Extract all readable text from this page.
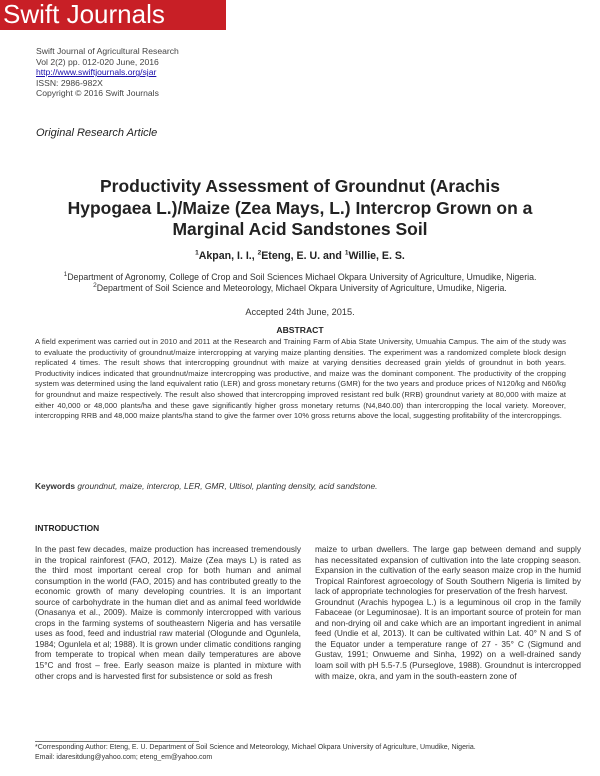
Swift Journals
Swift Journal of Agricultural Research
Vol 2(2) pp. 012-020 June, 2016
http://www.swiftjournals.org/sjar
ISSN: 2986-982X
Copyright © 2016 Swift Journals
Original Research Article
Productivity Assessment of Groundnut (Arachis
Hypogaea L.)/Maize (Zea Mays, L.) Intercrop Grown on a
Marginal Acid Sandstones Soil
$^1$Akpan, I. I., $^2$Eteng, E. U. and $^1$Willie, E. S.
$^1$Department of Agronomy, College of Crop and Soil Sciences Michael Okpara University of Agriculture, Umudike, Nigeria.
$^2$Department of Soil Science and Meteorology, Michael Okpara University of Agriculture, Umudike, Nigeria.
Accepted 24th June, 2015.
ABSTRACT
A field experiment was carried out in 2010 and 2011 at the Research and Training Farm of Abia State University, Umuahia Campus. The aim of the study was to evaluate the productivity of groundnut/maize intercropping at varying maize planting densities. The experiment was a randomized complete block design replicated 4 times. The result shows that intercropping groundnut with maize at varying densities decreased grain yields of groundnut in both years. Productivity indices indicated that groundnut/maize intercropping was productive, and maize was the dominant component. The productivity of the cropping system was determined using the land equivalent ratio (LER) and gross monetary returns (GMR) for the two years and produce prices of N120/kg and N60/kg for groundnut and maize respectively. The result also showed that intercropping improved resistant red bulk (RRB) groundnut variety at 80,000 with maize at either 40,000 or 48,000 plants/ha and these gave significantly higher gross monetary returns (N4,840.00) than intercropping the local variety. Moreover, intercropping RRB and 48,000 maize plants/ha stand to give the farmer over 10% gross returns above the local, suggesting profitability of the intercroppings.
Keywords groundnut, maize, intercrop, LER, GMR, Ultisol, planting density, acid sandstone.
INTRODUCTION

In the past few decades, maize production has increased tremendously in the tropical rainforest (FAO, 2012). Maize (Zea mays L) is rated as the third most important cereal crop for both human and animal consumption in the world (FAO, 2015) and has contributed greatly to the economic growth of many developing countries. It is an important source of carbohydrate in the human diet and as animal feed worldwide (Onasanya et al., 2009). Maize is commonly intercropped with various crops in the farming systems of southeastern Nigeria and has versatile uses as food, feed and industrial raw material (Ologunde and Ogunlela, 1984; Ogunlela et al; 1988). It is grown under climatic conditions ranging from temperate to tropical when mean daily temperatures are above 15°C and frost – free. Early season maize is planted in mixture with other crops and is harvested first for subsistence or sold as fresh

maize to urban dwellers. The large gap between demand and supply has necessitated expansion of cultivation into the late cropping season. Expansion in the cultivation of the early season maize crop in the humid Tropical Rainforest agroecology of South Southern Nigeria is limited by lack of appropriate technologies for preservation of the fresh harvest.

Groundnut (Arachis hypogea L.) is a leguminous oil crop in the family Fabaceae (or Leguminosae). It is an important source of protein for man and non-drying oil and cake which are an important ingredient in animal feed (Undie et al, 2013). It can be cultivated within Lat. 40° N and S of the Equator under a temperature range of 27 - 35° C (Sigmund and Gustav, 1991; Onwueme and Sinha, 1992) on a well-drained sandy loam soil with pH 5.5-7.5 (Purseglove, 1988). Groundnut is intercropped with maize, okra, and yam in the south-eastern zone of

*Corresponding Author: Eteng, E. U. Department of Soil Science and Meteorology, Michael Okpara University of Agriculture, Umudike, Nigeria.
Email: idaresitdung@yahoo.com; eteng_em@yahoo.com
